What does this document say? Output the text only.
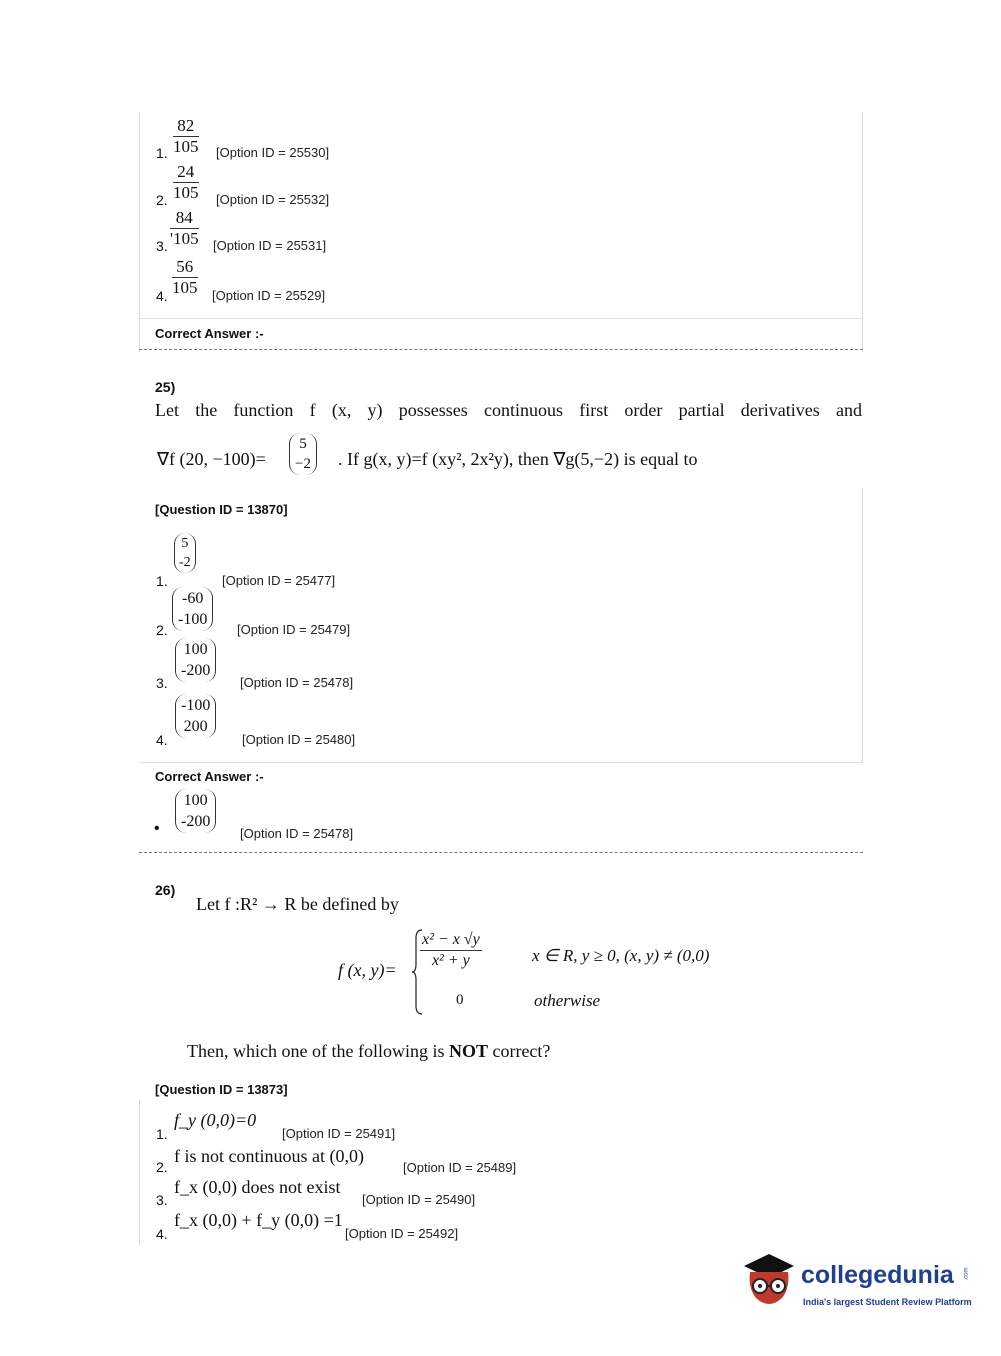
1. $\frac{82}{105}$ [Option ID = 25530]
2. $\frac{24}{105}$ [Option ID = 25532]
3. $\frac{84}{'105}$ [Option ID = 25531]
4. $\frac{56}{105}$ [Option ID = 25529]
Correct Answer :-
25)
Let the function f (x, y) possesses continuous first order partial derivatives and
∇f (20, −100)=
5
−2 . If g(x, y)=f (xy², 2x²y), then ∇g(5,−2) is equal to
[Question ID = 13870]
1.
5
-2
[Option ID = 25477]
2.
-60
-100
[Option ID = 25479]
3.
100
-200
[Option ID = 25478]
4.
-100
200
[Option ID = 25480]
Correct Answer :-
•
100
-200
[Option ID = 25478]
26)
Let f :R² → R be defined by
f (x, $y)= \frac{\text{x² − x √y}}{\text{x² + y}}$	x ∈ R, y ≥ 0, (x, y) ≠ (0,0)
0	otherwise
Then, which one of the following is NOT correct?
[Question ID = 13873]
1.
f_y (0,0)=0
[Option ID = 25491]
2.
f is not continuous at (0,0)
[Option ID = 25489]
3.
f_x (0,0) does not exist
[Option ID = 25490]
4.
f_x (0,0) + f_y (0,0) =1
[Option ID = 25492]
collegedunia .com
India's largest Student Review Platform
